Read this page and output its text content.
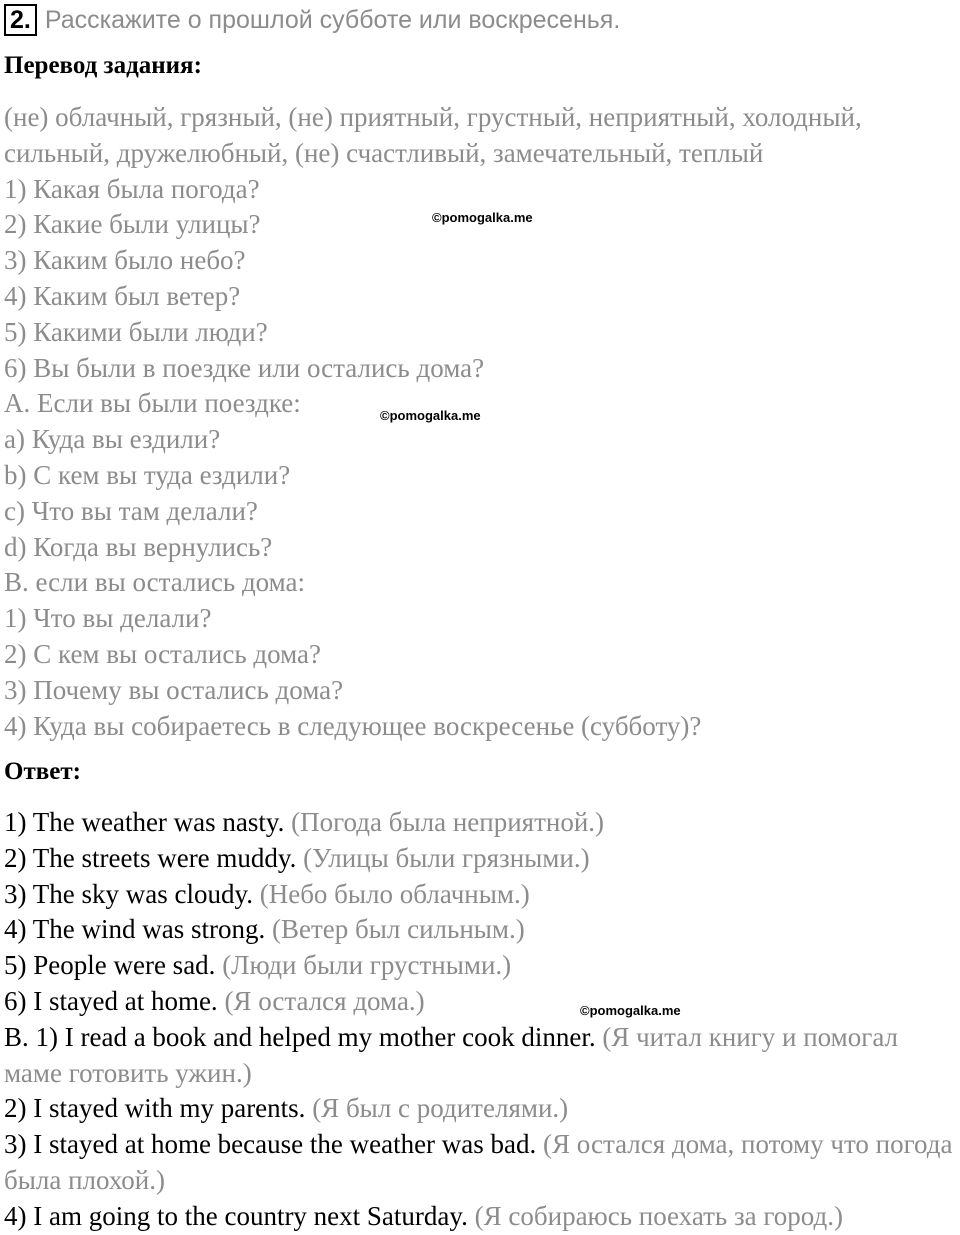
2. Расскажите о прошлой субботе или воскресенья.
Перевод задания:
(не) облачный, грязный, (не) приятный, грустный, неприятный, холодный,
сильный, дружелюбный, (не) счастливый, замечательный, теплый
1) Какая была погода?
2) Какие были улицы?
3) Каким было небо?
4) Каким был ветер?
5) Какими были люди?
6) Вы были в поездке или остались дома?
A. Если вы были поездке:
a) Куда вы ездили?
b) С кем вы туда ездили?
c) Что вы там делали?
d) Когда вы вернулись?
B. если вы остались дома:
1) Что вы делали?
2) С кем вы остались дома?
3) Почему вы остались дома?
4) Куда вы собираетесь в следующее воскресенье (субботу)?
Ответ:
1) The weather was nasty. (Погода была неприятной.)
2) The streets were muddy. (Улицы были грязными.)
3) The sky was cloudy. (Небо было облачным.)
4) The wind was strong. (Ветер был сильным.)
5) People were sad. (Люди были грустными.)
6) I stayed at home. (Я остался дома.)
B. 1) I read a book and helped my mother cook dinner. (Я читал книгу и помогал маме готовить ужин.)
2) I stayed with my parents. (Я был с родителями.)
3) I stayed at home because the weather was bad. (Я остался дома, потому что погода была плохой.)
4) I am going to the country next Saturday. (Я собираюсь поехать за город.)
©pomogalka.me
©pomogalka.me
©pomogalka.me
